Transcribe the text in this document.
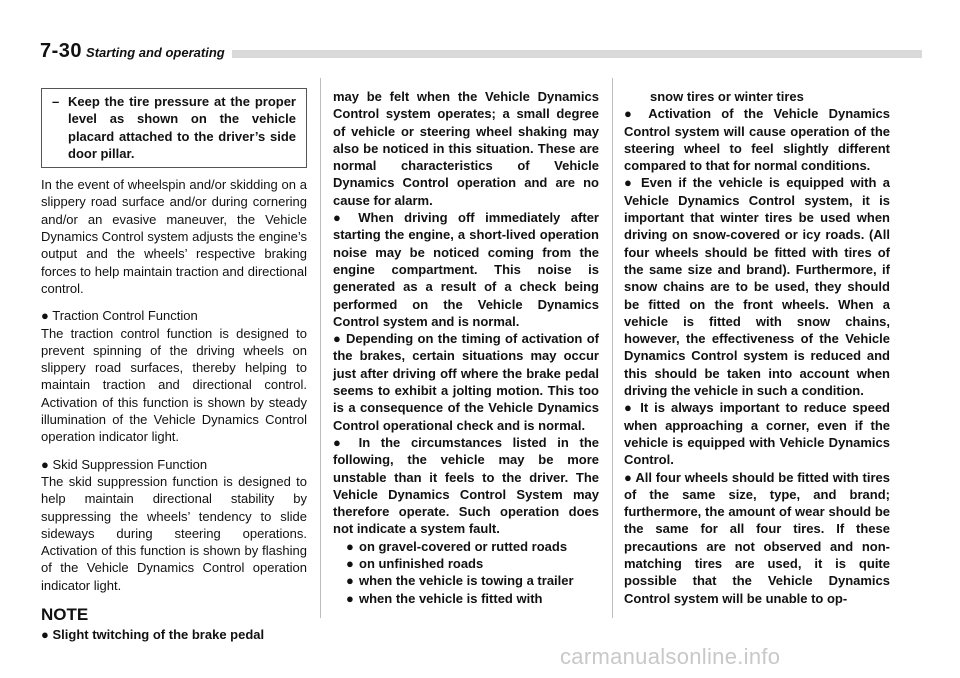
7-30 Starting and operating
– Keep the tire pressure at the proper level as shown on the vehicle placard attached to the driver’s side door pillar.

In the event of wheelspin and/or skidding on a slippery road surface and/or during cornering and/or an evasive maneuver, the Vehicle Dynamics Control system adjusts the engine’s output and the wheels’ respective braking forces to help maintain traction and directional control.

● Traction Control Function

The traction control function is designed to prevent spinning of the driving wheels on slippery road surfaces, thereby helping to maintain traction and directional control. Activation of this function is shown by steady illumination of the Vehicle Dynamics Control operation indicator light.

● Skid Suppression Function

The skid suppression function is designed to help maintain directional stability by suppressing the wheels’ tendency to slide sideways during steering operations. Activation of this function is shown by flashing of the Vehicle Dynamics Control operation indicator light.

NOTE
● Slight twitching of the brake pedal

may be felt when the Vehicle Dynamics Control system operates; a small degree of vehicle or steering wheel shaking may also be noticed in this situation. These are normal characteristics of Vehicle Dynamics Control operation and are no cause for alarm.

● When driving off immediately after starting the engine, a short-lived operation noise may be noticed coming from the engine compartment. This noise is generated as a result of a check being performed on the Vehicle Dynamics Control system and is normal.

● Depending on the timing of activation of the brakes, certain situations may occur just after driving off where the brake pedal seems to exhibit a jolting motion. This too is a consequence of the Vehicle Dynamics Control operational check and is normal.

● In the circumstances listed in the following, the vehicle may be more unstable than it feels to the driver. The Vehicle Dynamics Control System may therefore operate. Such operation does not indicate a system fault.

● on gravel-covered or rutted roads
● on unfinished roads
● when the vehicle is towing a trailer
● when the vehicle is fitted with
snow tires or winter tires

● Activation of the Vehicle Dynamics Control system will cause operation of the steering wheel to feel slightly different compared to that for normal conditions.

● Even if the vehicle is equipped with a Vehicle Dynamics Control system, it is important that winter tires be used when driving on snow-covered or icy roads. (All four wheels should be fitted with tires of the same size and brand). Furthermore, if snow chains are to be used, they should be fitted on the front wheels. When a vehicle is fitted with snow chains, however, the effectiveness of the Vehicle Dynamics Control system is reduced and this should be taken into account when driving the vehicle in such a condition.

● It is always important to reduce speed when approaching a corner, even if the vehicle is equipped with Vehicle Dynamics Control.

● All four wheels should be fitted with tires of the same size, type, and brand; furthermore, the amount of wear should be the same for all four tires. If these precautions are not observed and non-matching tires are used, it is quite possible that the Vehicle Dynamics Control system will be unable to op-

carmanualsonline.info
